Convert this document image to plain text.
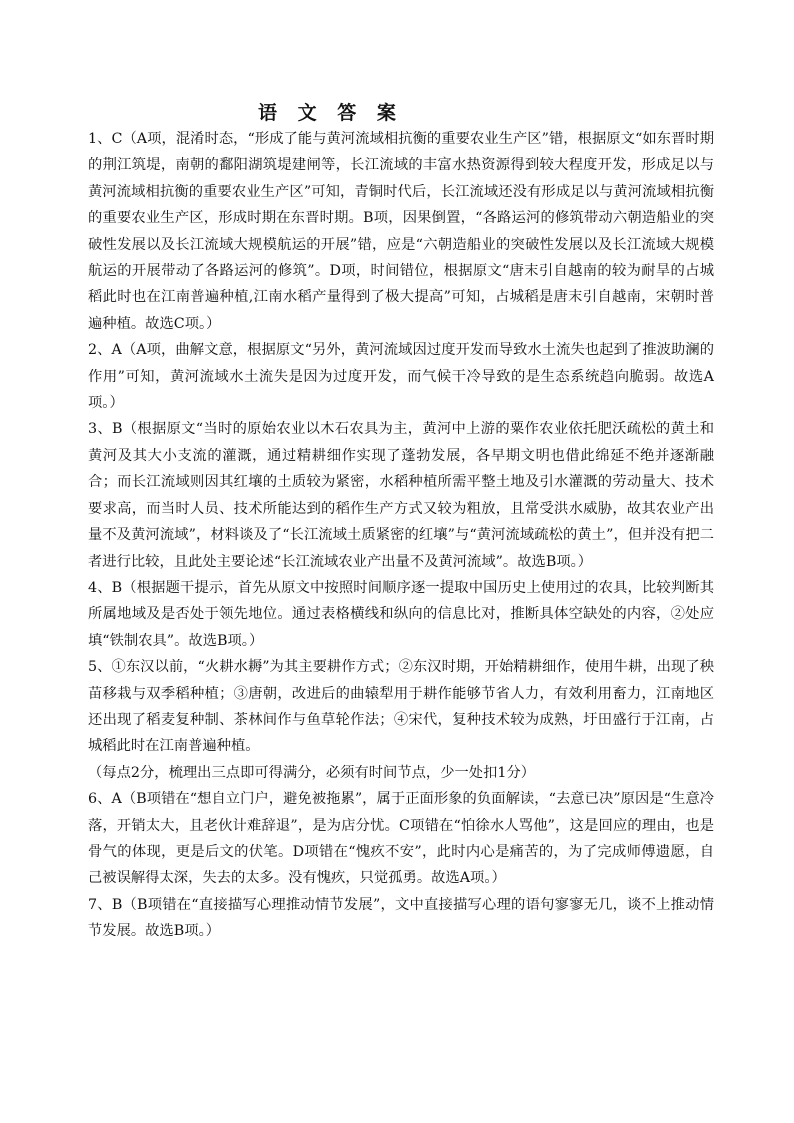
语 文 答 案

1、C（A项，混淆时态，“形成了能与黄河流域相抗衡的重要农业生产区”错，根据原文“如东晋时期的荆江筑堤，南朝的鄱阳湖筑堤建闸等，长江流域的丰富水热资源得到较大程度开发，形成足以与黄河流域相抗衡的重要农业生产区”可知，青铜时代后，长江流域还没有形成足以与黄河流域相抗衡的重要农业生产区，形成时期在东晋时期。B项，因果倒置，“各路运河的修筑带动六朝造船业的突破性发展以及长江流域大规模航运的开展”错，应是“六朝造船业的突破性发展以及长江流域大规模航运的开展带动了各路运河的修筑”。D项，时间错位，根据原文“唐末引自越南的较为耐旱的占城稻此时也在江南普遍种植,江南水稻产量得到了极大提高”可知，占城稻是唐末引自越南，宋朝时普遍种植。故选C项。）

2、A（A项，曲解文意，根据原文“另外，黄河流域因过度开发而导致水土流失也起到了推波助澜的作用”可知，黄河流域水土流失是因为过度开发，而气候干冷导致的是生态系统趋向脆弱。故选A项。）

3、B（根据原文“当时的原始农业以木石农具为主，黄河中上游的粟作农业依托肥沃疏松的黄土和黄河及其大小支流的灌溉，通过精耕细作实现了蓬勃发展，各早期文明也借此绵延不绝并逐渐融合；而长江流域则因其红壤的土质较为紧密，水稻种植所需平整土地及引水灌溉的劳动量大、技术要求高，而当时人员、技术所能达到的稻作生产方式又较为粗放，且常受洪水威胁，故其农业产出量不及黄河流域”，材料谈及了“长江流域土质紧密的红壤”与“黄河流域疏松的黄土”，但并没有把二者进行比较，且此处主要论述“长江流域农业产出量不及黄河流域”。故选B项。）

4、B（根据题干提示，首先从原文中按照时间顺序逐一提取中国历史上使用过的农具，比较判断其所属地域及是否处于领先地位。通过表格横线和纵向的信息比对，推断具体空缺处的内容，②处应填“铁制农具”。故选B项。）

5、①东汉以前，“火耕水耨”为其主要耕作方式；②东汉时期，开始精耕细作，使用牛耕，出现了秧苗移栽与双季稻种植；③唐朝，改进后的曲辕犁用于耕作能够节省人力，有效利用畜力，江南地区还出现了稻麦复种制、茶林间作与鱼草轮作法；④宋代，复种技术较为成熟，圩田盛行于江南，占城稻此时在江南普遍种植。

（每点2分，梳理出三点即可得满分，必须有时间节点，少一处扣1分）

6、A（B项错在“想自立门户，避免被拖累”，属于正面形象的负面解读，“去意已决”原因是“生意冷落，开销太大，且老伙计难辞退”，是为店分忧。C项错在“怕徐水人骂他”，这是回应的理由，也是骨气的体现，更是后文的伏笔。D项错在“愧疚不安”，此时内心是痛苦的，为了完成师傅遗愿，自己被误解得太深，失去的太多。没有愧疚，只觉孤勇。故选A项。）

7、B（B项错在“直接描写心理推动情节发展”，文中直接描写心理的语句寥寥无几，谈不上推动情节发展。故选B项。）
